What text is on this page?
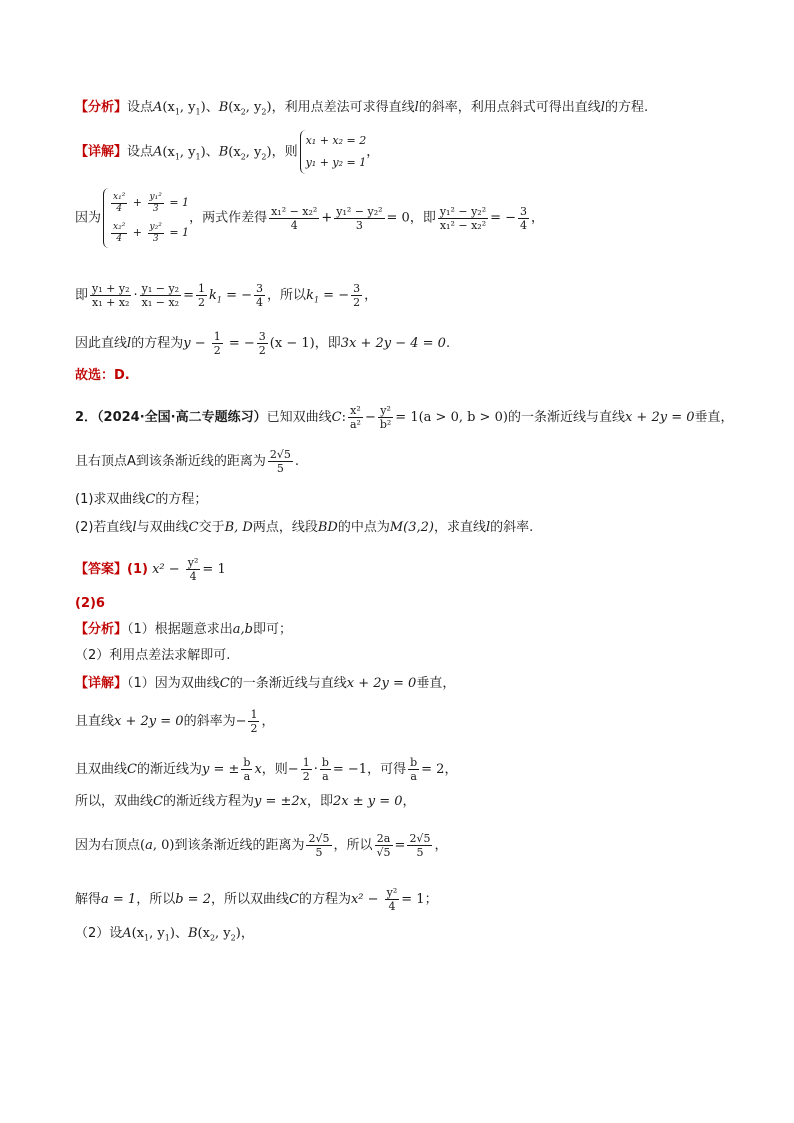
【分析】设点$A(x_1$, $y_1$)、$B(x_2$, $y_2$)，利用点差法可求得直线l的斜率，利用点斜式可得出直线l的方程.
【详解】设点$A(x_1$, $y_1$)、$B(x_2$, $y_2$)，则
x₁ + x₂ = 2
y₁ + y₂ = 1
，
因为
$\frac{\text{x₁²}}{4} + \frac{\text{y₁²}}{3} = 1$
$\frac{\text{x₂²}}{4} + \frac{\text{y₂²}}{3} = 1$
，两式作差得 $\frac{\text{x₁² − x₂²}}{4} + \frac{\text{y₁² − y₂²}}{3} = 0$，即 $\frac{\text{y₁² − y₂²}}{\text{x₁² − x₂²}}$ = − $\frac{3}{4}$ ，
即 $\frac{\text{y₁ + y₂}}{\text{x₁ + x₂}} \cdot \frac{\text{y₁ − y₂}}{\text{x₁ − x₂}} = \frac{1}{2} k_1$ = − $\frac{3}{4}$ ，所以$k_1$ = − $\frac{3}{2}$ ，
因此直线l的方程为$y - \frac{1}{2}$ = − $\frac{3}{2} (x - 1)$，即3x + 2y − 4 = 0.
故选：D.
2．（2024·全国·高二专题练习）已知双曲线C: $\frac{\text{x²}}{\text{a²}} - \frac{\text{y²}}{\text{b²}} = 1(a > 0$, b > 0)的一条渐近线与直线x + 2y = 0垂直，
且右顶点A到该条渐近线的距离为 $\frac{2√5}{5}$ .
(1)求双曲线C的方程；
(2)若直线l与双曲线C交于B, D两点，线段BD的中点为M(3,2)，求直线l的斜率.
【答案】(1) $x^2 - \frac{\text{y²}}{4} = 1$
(2)6
【分析】（1）根据题意求出a,b即可；
（2）利用点差法求解即可.
【详解】（1）因为双曲线C的一条渐近线与直线x + 2y = 0垂直，
且直线x + 2y = 0的斜率为− $\frac{1}{2}$ ，
且双曲线C的渐近线为y = ± $\frac{b}{a}$ x，则− $\frac{1}{2} \cdot \frac{b}{a} = -1$，可得 $\frac{b}{a} = 2$，
所以，双曲线C的渐近线方程为y = ±2x，即2x ± y = 0，
因为右顶点(a, 0)到该条渐近线的距离为 $\frac{2√5}{5}$ ，所以 $\frac{2a}{√5} = \frac{2√5}{5}$ ，
解得a = 1，所以b = 2，所以双曲线C的方程为$x^2 - \frac{\text{y²}}{4} = 1$；
（2）设$A(x_1$, $y_1$)、$B(x_2$, $y_2$)，
